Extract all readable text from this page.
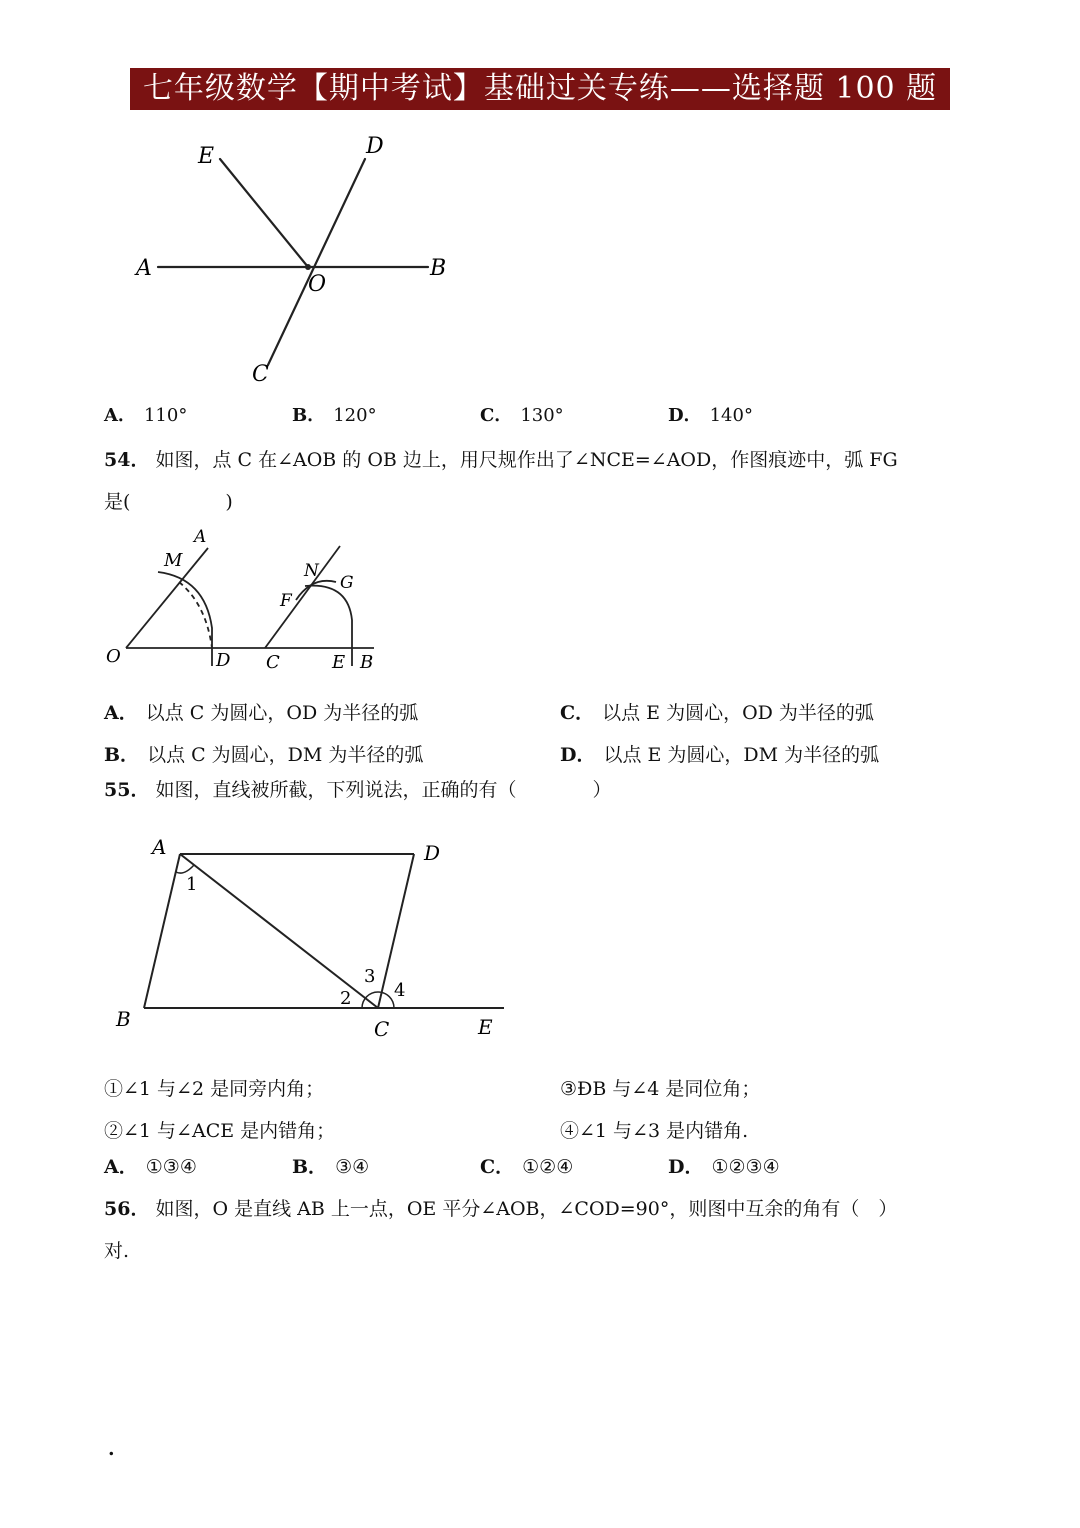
七年级数学【期中考试】基础过关专练——选择题 100 题
A	B
C
D
E
O
A． 110°	B． 120°	C． 130°	D． 140°
54． 如图，点 C 在∠AOB 的 OB 边上，用尺规作出了∠NCE=∠AOD，作图痕迹中，弧 FG
是(　　　　　)
M
A
O	D C
N
G
F
E B
A． 以点 C 为圆心，OD 为半径的弧	C． 以点 E 为圆心，OD 为半径的弧
B． 以点 C 为圆心，DM 为半径的弧	D． 以点 E 为圆心，DM 为半径的弧
55． 如图，直线被所截，下列说法，正确的有（　　　　）
A	D
B	C	E
1
2
3
4
①∠1 与∠2 是同旁内角；	③ÐB 与∠4 是同位角；
②∠1 与∠ACE 是内错角；	④∠1 与∠3 是内错角.
A． ①③④	B． ③④	C． ①②④	D． ①②③④
56． 如图，O 是直线 AB 上一点，OE 平分∠AOB，∠COD=90°，则图中互余的角有（　）
对.
.
